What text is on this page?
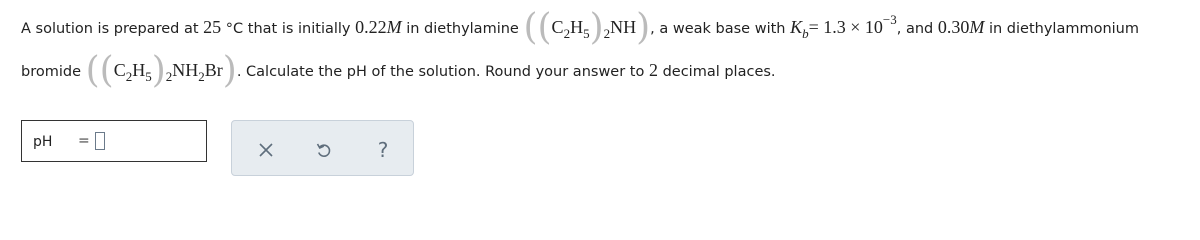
A solution is prepared at 25 °C that is initially 0.22M in diethylamine $((C_2H_5)_2NH)$, a weak base with Kb= 1.3 × 10−3, and 0.30M in diethylammonium
bromide $((C_2H_5)_2NH_2Br)$. Calculate the pH of the solution. Round your answer to 2 decimal places.
pH =	?
